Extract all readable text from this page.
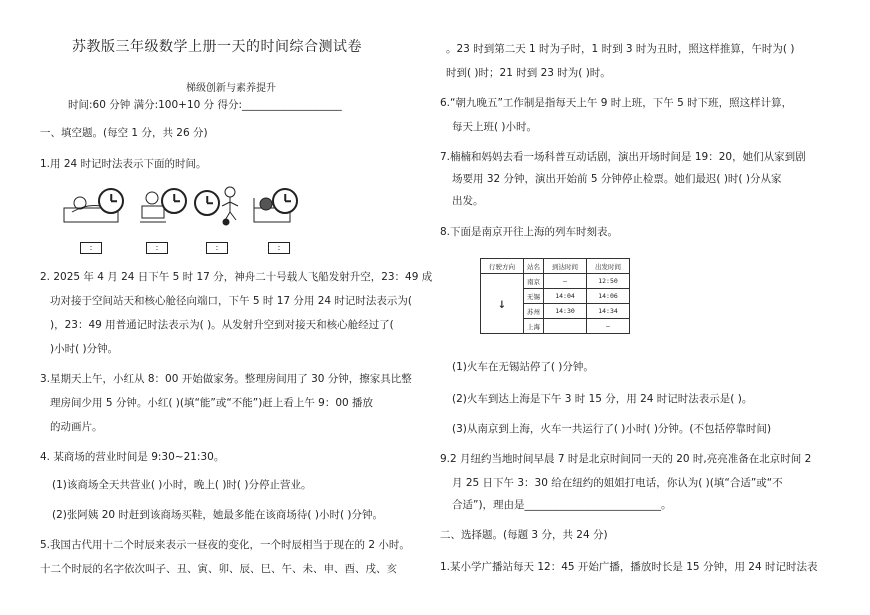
苏教版三年级数学上册一天的时间综合测试卷
梯级创新与素养提升
时间:60 分钟 满分:100+10 分 得分:___________________
一、填空题。(每空 1 分，共 26 分)
1.用 24 时记时法表示下面的时间。
:	:	:	:
2. 2025 年 4 月 24 日下午 5 时 17 分，神舟二十号载人飞船发射升空，23：49 成
功对接于空间站天和核心舱径向端口，下午 5 时 17 分用 24 时记时法表示为(
)，23：49 用普通记时法表示为( )。从发射升空到对接天和核心舱经过了(
)小时( )分钟。
3.星期天上午，小红从 8：00 开始做家务。整理房间用了 30 分钟，擦家具比整
理房间少用 5 分钟。小红( )(填“能”或“不能”)赶上看上午 9：00 播放
的动画片。
4. 某商场的营业时间是 9:30~21:30。
(1)该商场全天共营业( )小时，晚上( )时( )分停止营业。
(2)张阿姨 20 时赶到该商场买鞋，她最多能在该商场待( )小时( )分钟。
5.我国古代用十二个时辰来表示一昼夜的变化，一个时辰相当于现在的 2 小时。
十二个时辰的名字依次叫子、丑、寅、卯、辰、巳、午、未、申、酉、戌、亥
。23 时到第二天 1 时为子时，1 时到 3 时为丑时，照这样推算，午时为( )
时到( )时；21 时到 23 时为( )时。
6.“朝九晚五”工作制是指每天上午 9 时上班，下午 5 时下班，照这样计算，
每天上班( )小时。
7.楠楠和妈妈去看一场科普互动话剧，演出开场时间是 19：20，她们从家到剧
场要用 32 分钟，演出开始前 5 分钟停止检票。她们最迟( )时( )分从家
出发。
8.下面是南京开往上海的列车时刻表。
行驶方向	站名	到达时间	出发时间
↓	南京	—	12:50
	无锡	14:04	14:06
	苏州	14:30	14:34
	上海		—
(1)火车在无锡站停了( )分钟。
(2)火车到达上海是下午 3 时 15 分，用 24 时记时法表示是( )。
(3)从南京到上海，火车一共运行了( )小时( )分钟。(不包括停靠时间)
9.2 月纽约当地时间早晨 7 时是北京时间同一天的 20 时,亮亮准备在北京时间 2
月 25 日下午 3：30 给在纽约的姐姐打电话，你认为( )(填“合适”或“不
合适”)，理由是__________________________。
二、选择题。(每题 3 分，共 24 分)
1.某小学广播站每天 12：45 开始广播，播放时长是 15 分钟，用 24 时记时法表
